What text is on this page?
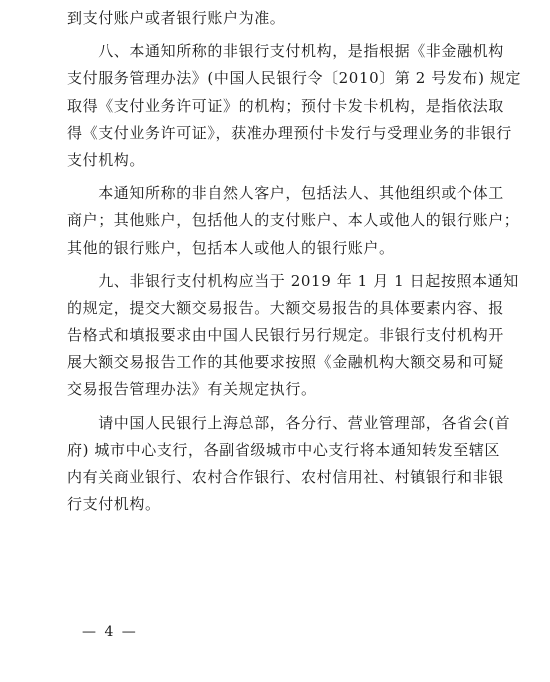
到支付账户或者银行账户为准。
　　八、本通知所称的非银行支付机构，是指根据《非金融机构
支付服务管理办法》(中国人民银行令〔2010〕第 2 号发布) 规定
取得《支付业务许可证》的机构；预付卡发卡机构，是指依法取
得《支付业务许可证》，获准办理预付卡发行与受理业务的非银行
支付机构。
　　本通知所称的非自然人客户，包括法人、其他组织或个体工
商户；其他账户，包括他人的支付账户、本人或他人的银行账户；
其他的银行账户，包括本人或他人的银行账户。
　　九、非银行支付机构应当于 2019 年 1 月 1 日起按照本通知
的规定，提交大额交易报告。大额交易报告的具体要素内容、报
告格式和填报要求由中国人民银行另行规定。非银行支付机构开
展大额交易报告工作的其他要求按照《金融机构大额交易和可疑
交易报告管理办法》有关规定执行。
　　请中国人民银行上海总部，各分行、营业管理部，各省会(首
府) 城市中心支行，各副省级城市中心支行将本通知转发至辖区
内有关商业银行、农村合作银行、农村信用社、村镇银行和非银
行支付机构。
— 4 —
